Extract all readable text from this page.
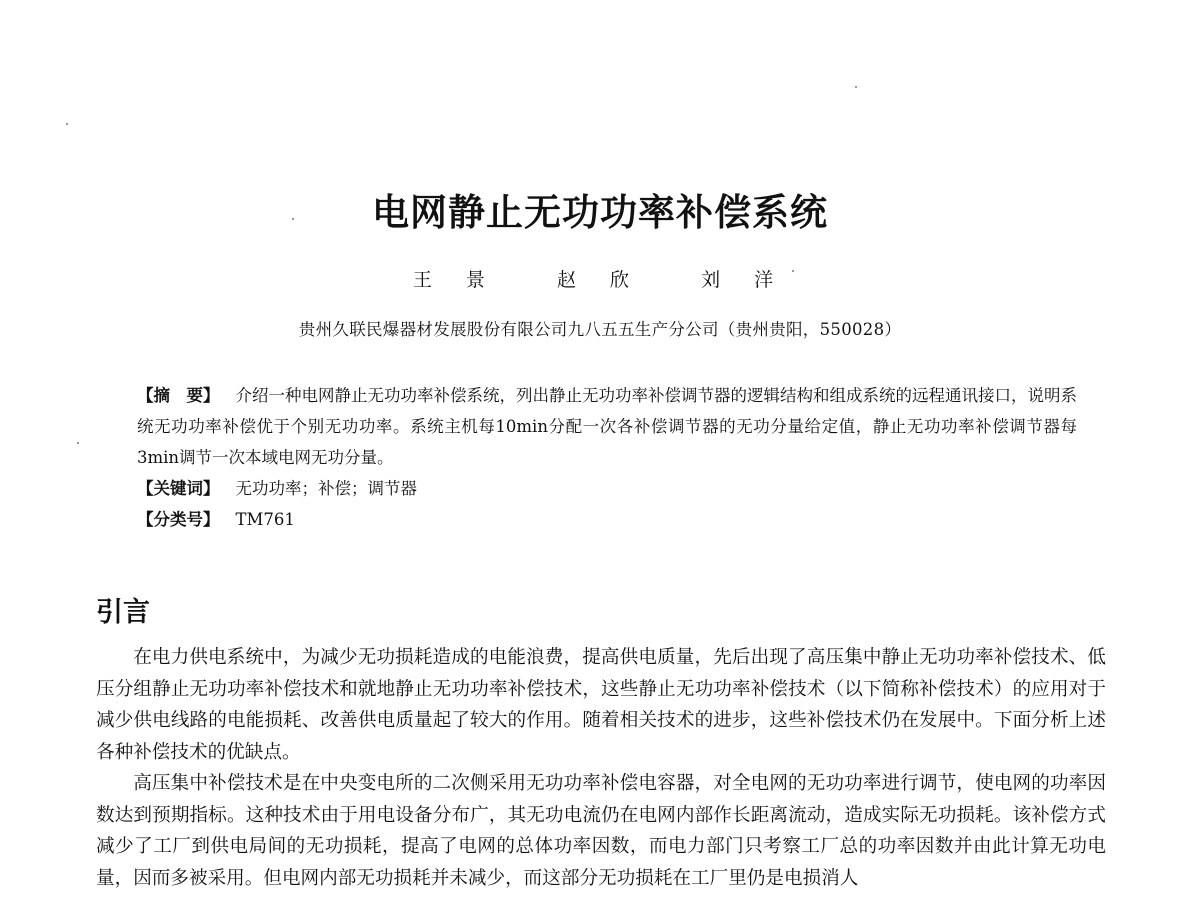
电网静止无功功率补偿系统
王 景	赵 欣	刘 洋
贵州久联民爆器材发展股份有限公司九八五五生产分公司（贵州贵阳，550028）

【摘　要】 介绍一种电网静止无功功率补偿系统，列出静止无功功率补偿调节器的逻辑结构和组成系统的远程通讯接口，说明系统无功功率补偿优于个别无功功率。系统主机每10min分配一次各补偿调节器的无功分量给定值，静止无功功率补偿调节器每3min调节一次本域电网无功分量。

【关键词】 无功功率；补偿；调节器
【分类号】 TM761
引言

在电力供电系统中，为减少无功损耗造成的电能浪费，提高供电质量，先后出现了高压集中静止无功功率补偿技术、低压分组静止无功功率补偿技术和就地静止无功功率补偿技术，这些静止无功功率补偿技术（以下简称补偿技术）的应用对于减少供电线路的电能损耗、改善供电质量起了较大的作用。随着相关技术的进步，这些补偿技术仍在发展中。下面分析上述各种补偿技术的优缺点。

高压集中补偿技术是在中央变电所的二次侧采用无功功率补偿电容器，对全电网的无功功率进行调节，使电网的功率因数达到预期指标。这种技术由于用电设备分布广，其无功电流仍在电网内部作长距离流动，造成实际无功损耗。该补偿方式减少了工厂到供电局间的无功损耗，提高了电网的总体功率因数，而电力部门只考察工厂总的功率因数并由此计算无功电量，因而多被采用。但电网内部无功损耗并未减少，而这部分无功损耗在工厂里仍是电损消人
